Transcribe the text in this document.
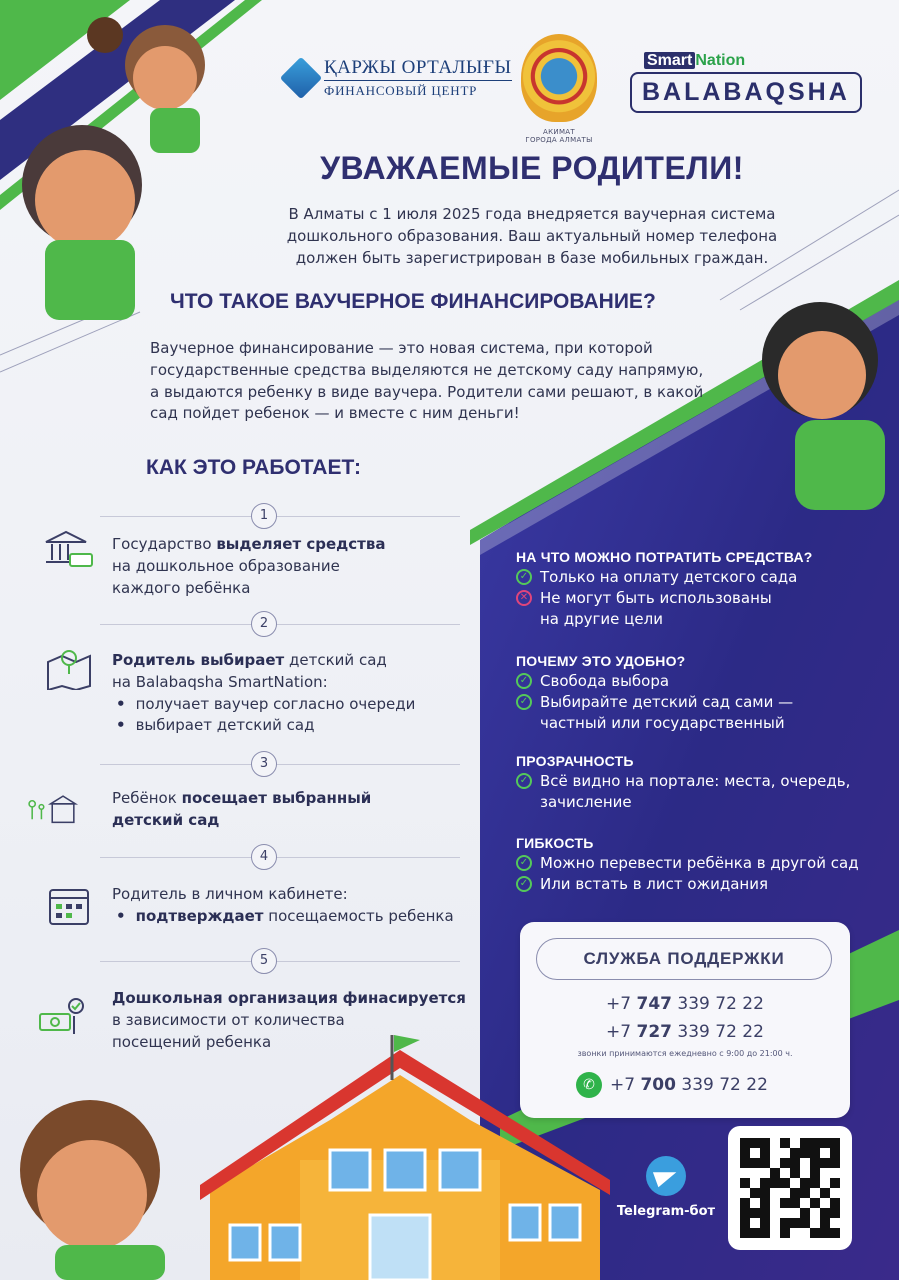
ҚАРЖЫ ОРТАЛЫҒЫ
ФИНАНСОВЫЙ ЦЕНТР
АКИМАТ
ГОРОДА АЛМАТЫ
Smart Nation
BALABAQSHA
УВАЖАЕМЫЕ РОДИТЕЛИ!
В Алматы с 1 июля 2025 года внедряется ваучерная система дошкольного образования. Ваш актуальный номер телефона должен быть зарегистрирован в базе мобильных граждан.
ЧТО ТАКОЕ ВАУЧЕРНОЕ ФИНАНСИРОВАНИЕ?
Ваучерное финансирование — это новая система, при которой государственные средства выделяются не детскому саду напрямую, а выдаются ребенку в виде ваучера. Родители сами решают, в какой сад пойдет ребенок — и вместе с ним деньги!
КАК ЭТО РАБОТАЕТ:
1
Государство выделяет средства
на дошкольное образование
каждого ребёнка
2
Родитель выбирает детский сад
на Balabaqsha SmartNation:
• получает ваучер согласно очереди
• выбирает детский сад
3
Ребёнок посещает выбранный
детский сад
4
Родитель в личном кабинете:
• подтверждает посещаемость ребенка
5
Дошкольная организация финасируется
в зависимости от количества
посещений ребенка
НА ЧТО МОЖНО ПОТРАТИТЬ СРЕДСТВА?
✓ Только на оплату детского сада
✕ Не могут быть использованы
на другие цели
ПОЧЕМУ ЭТО УДОБНО?
✓ Свобода выбора
✓ Выбирайте детский сад сами —
частный или государственный
ПРОЗРАЧНОСТЬ
✓ Всё видно на портале: места, очередь,
зачисление
ГИБКОСТЬ
✓ Можно перевести ребёнка в другой сад
✓ Или встать в лист ожидания
СЛУЖБА ПОДДЕРЖКИ
+7 747 339 72 22
+7 727 339 72 22
звонки принимаются ежедневно с 9:00 до 21:00 ч.
✆ +7 700 339 72 22
Telegram-бот
